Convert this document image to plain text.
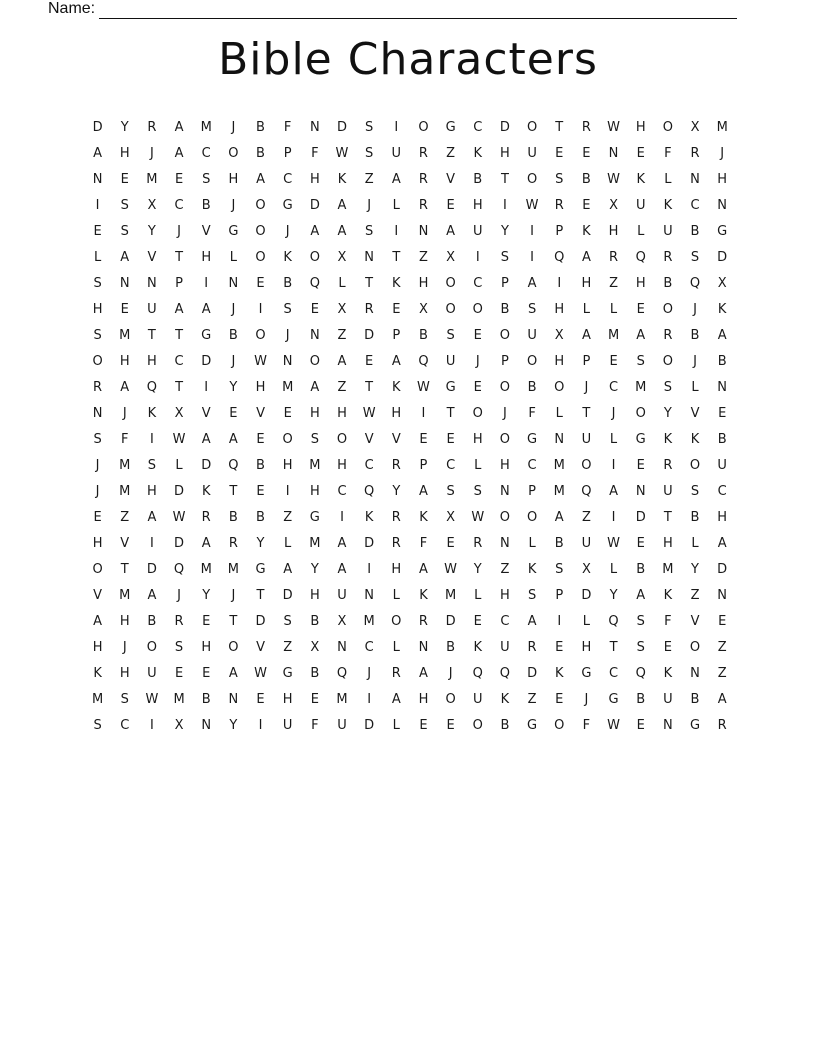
Name:
Bible Characters
D	Y	R	A	M	J	B	F	N	D	S	I	O	G	C	D	O	T	R	W	H	O	X	M
A	H	J	A	C	O	B	P	F	W	S	U	R	Z	K	H	U	E	E	N	E	F	R	J
N	E	M	E	S	H	A	C	H	K	Z	A	R	V	B	T	O	S	B	W	K	L	N	H
I	S	X	C	B	J	O	G	D	A	J	L	R	E	H	I	W	R	E	X	U	K	C	N
E	S	Y	J	V	G	O	J	A	A	S	I	N	A	U	Y	I	P	K	H	L	U	B	G
L	A	V	T	H	L	O	K	O	X	N	T	Z	X	I	S	I	Q	A	R	Q	R	S	D
S	N	N	P	I	N	E	B	Q	L	T	K	H	O	C	P	A	I	H	Z	H	B	Q	X
H	E	U	A	A	J	I	S	E	X	R	E	X	O	O	B	S	H	L	L	E	O	J	K
S	M	T	T	G	B	O	J	N	Z	D	P	B	S	E	O	U	X	A	M	A	R	B	A
O	H	H	C	D	J	W	N	O	A	E	A	Q	U	J	P	O	H	P	E	S	O	J	B
R	A	Q	T	I	Y	H	M	A	Z	T	K	W	G	E	O	B	O	J	C	M	S	L	N
N	J	K	X	V	E	V	E	H	H	W	H	I	T	O	J	F	L	T	J	O	Y	V	E
S	F	I	W	A	A	E	O	S	O	V	V	E	E	H	O	G	N	U	L	G	K	K	B
J	M	S	L	D	Q	B	H	M	H	C	R	P	C	L	H	C	M	O	I	E	R	O	U
J	M	H	D	K	T	E	I	H	C	Q	Y	A	S	S	N	P	M	Q	A	N	U	S	C
E	Z	A	W	R	B	B	Z	G	I	K	R	K	X	W	O	O	A	Z	I	D	T	B	H
H	V	I	D	A	R	Y	L	M	A	D	R	F	E	R	N	L	B	U	W	E	H	L	A
O	T	D	Q	M	M	G	A	Y	A	I	H	A	W	Y	Z	K	S	X	L	B	M	Y	D
V	M	A	J	Y	J	T	D	H	U	N	L	K	M	L	H	S	P	D	Y	A	K	Z	N
A	H	B	R	E	T	D	S	B	X	M	O	R	D	E	C	A	I	L	Q	S	F	V	E
H	J	O	S	H	O	V	Z	X	N	C	L	N	B	K	U	R	E	H	T	S	E	O	Z
K	H	U	E	E	A	W	G	B	Q	J	R	A	J	Q	Q	D	K	G	C	Q	K	N	Z
M	S	W	M	B	N	E	H	E	M	I	A	H	O	U	K	Z	E	J	G	B	U	B	A
S	C	I	X	N	Y	I	U	F	U	D	L	E	E	O	B	G	O	F	W	E	N	G	R
